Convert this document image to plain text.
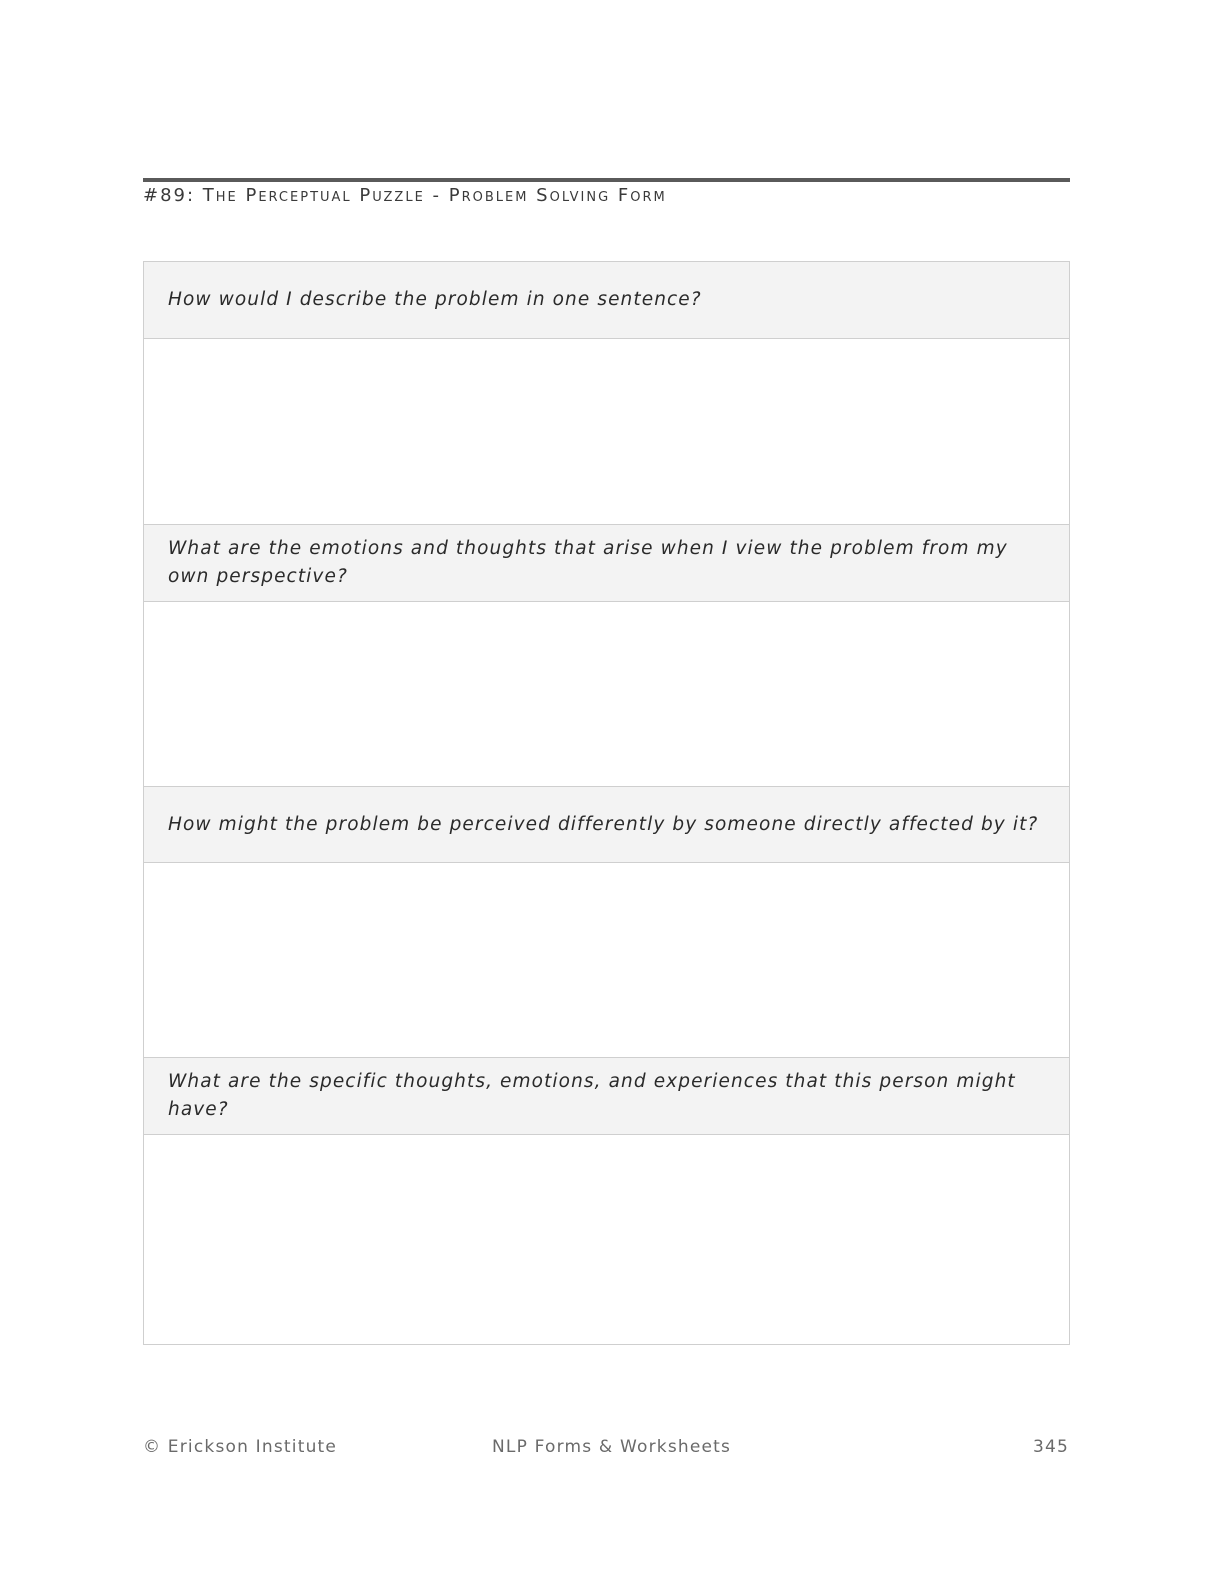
#89: The Perceptual Puzzle - Problem Solving Form
How would I describe the problem in one sentence?
What are the emotions and thoughts that arise when I view the problem from my own perspective?
How might the problem be perceived differently by someone directly affected by it?
What are the specific thoughts, emotions, and experiences that this person might have?
© Erickson Institute	NLP Forms & Worksheets	345
